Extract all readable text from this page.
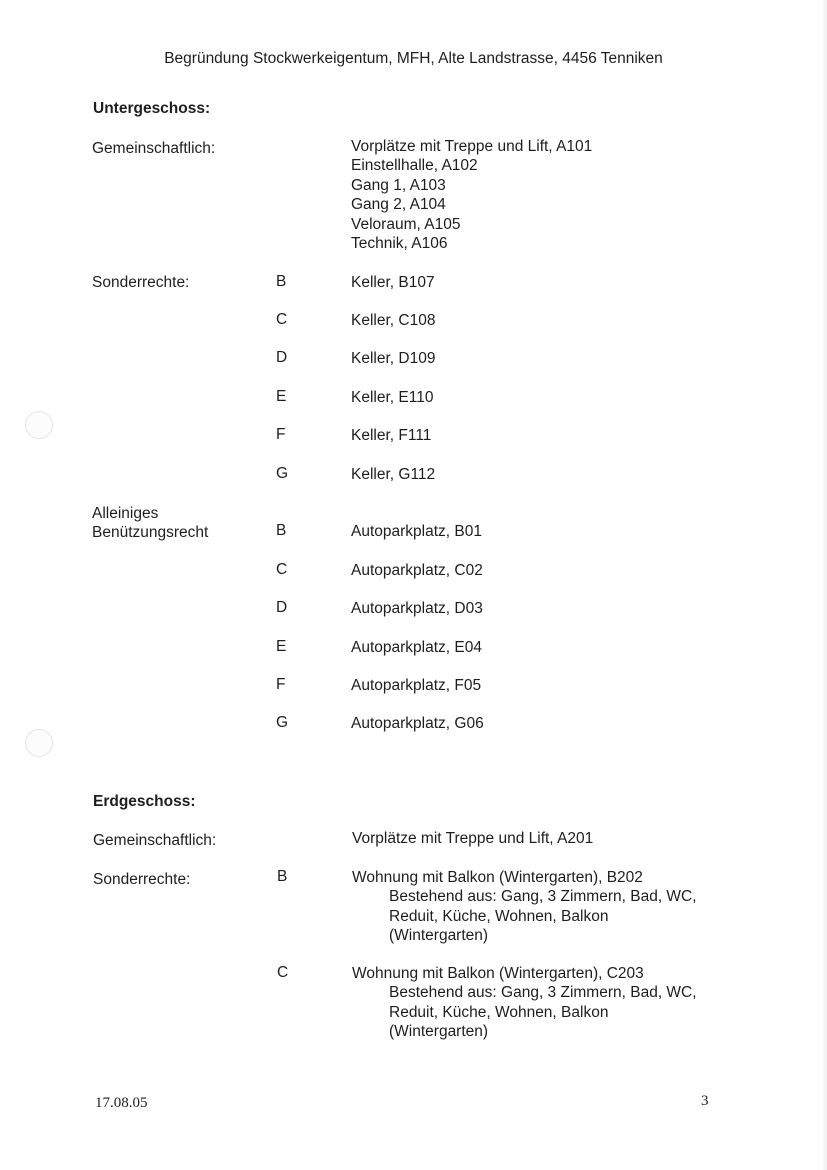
Begründung Stockwerkeigentum, MFH, Alte Landstrasse, 4456 Tenniken
Untergeschoss:
Gemeinschaftlich:	Vorplätze mit Treppe und Lift, A101
Einstellhalle, A102
Gang 1, A103
Gang 2, A104
Veloraum, A105
Technik, A106
Sonderrechte:	B	Keller, B107
C	Keller, C108
D	Keller, D109
E	Keller, E110
F	Keller, F111
G	Keller, G112
Alleiniges
Benützungsrecht	B	Autoparkplatz, B01
C	Autoparkplatz, C02
D	Autoparkplatz, D03
E	Autoparkplatz, E04
F	Autoparkplatz, F05
G	Autoparkplatz, G06
Erdgeschoss:
Gemeinschaftlich:	Vorplätze mit Treppe und Lift, A201
Sonderrechte:	B	Wohnung mit Balkon (Wintergarten), B202
Bestehend aus: Gang, 3 Zimmern, Bad, WC,
Reduit, Küche, Wohnen, Balkon
(Wintergarten)
C	Wohnung mit Balkon (Wintergarten), C203
Bestehend aus: Gang, 3 Zimmern, Bad, WC,
Reduit, Küche, Wohnen, Balkon
(Wintergarten)
17.08.05	3
